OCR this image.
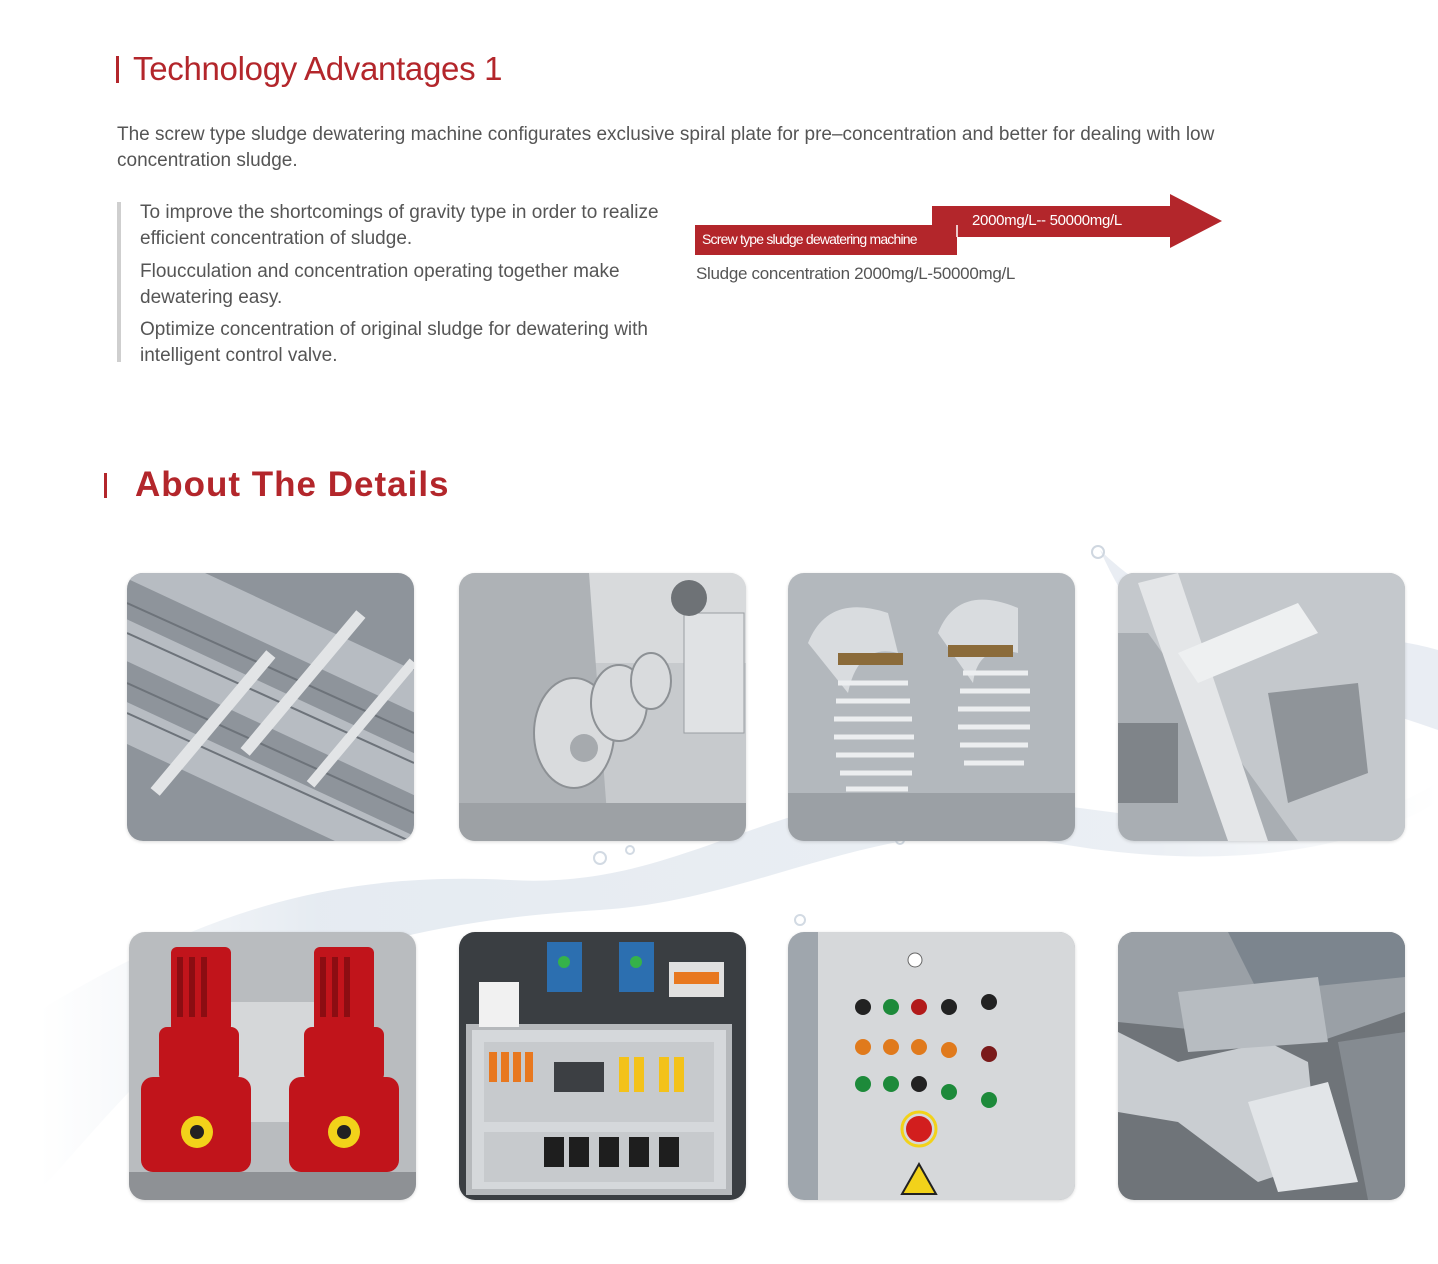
Technology Advantages 1

The screw type sludge dewatering machine configurates exclusive spiral plate for pre–concentration and better for dealing with low concentration sludge.

To improve the shortcomings of gravity type in order to realize efficient concentration of sludge.

Floucculation and concentration operating together make dewatering easy.

Optimize concentration of original sludge for dewatering with intelligent control valve.

Screw type sludge dewatering machine
2000mg/L-- 50000mg/L
Sludge concentration 2000mg/L-50000mg/L
About The Details
